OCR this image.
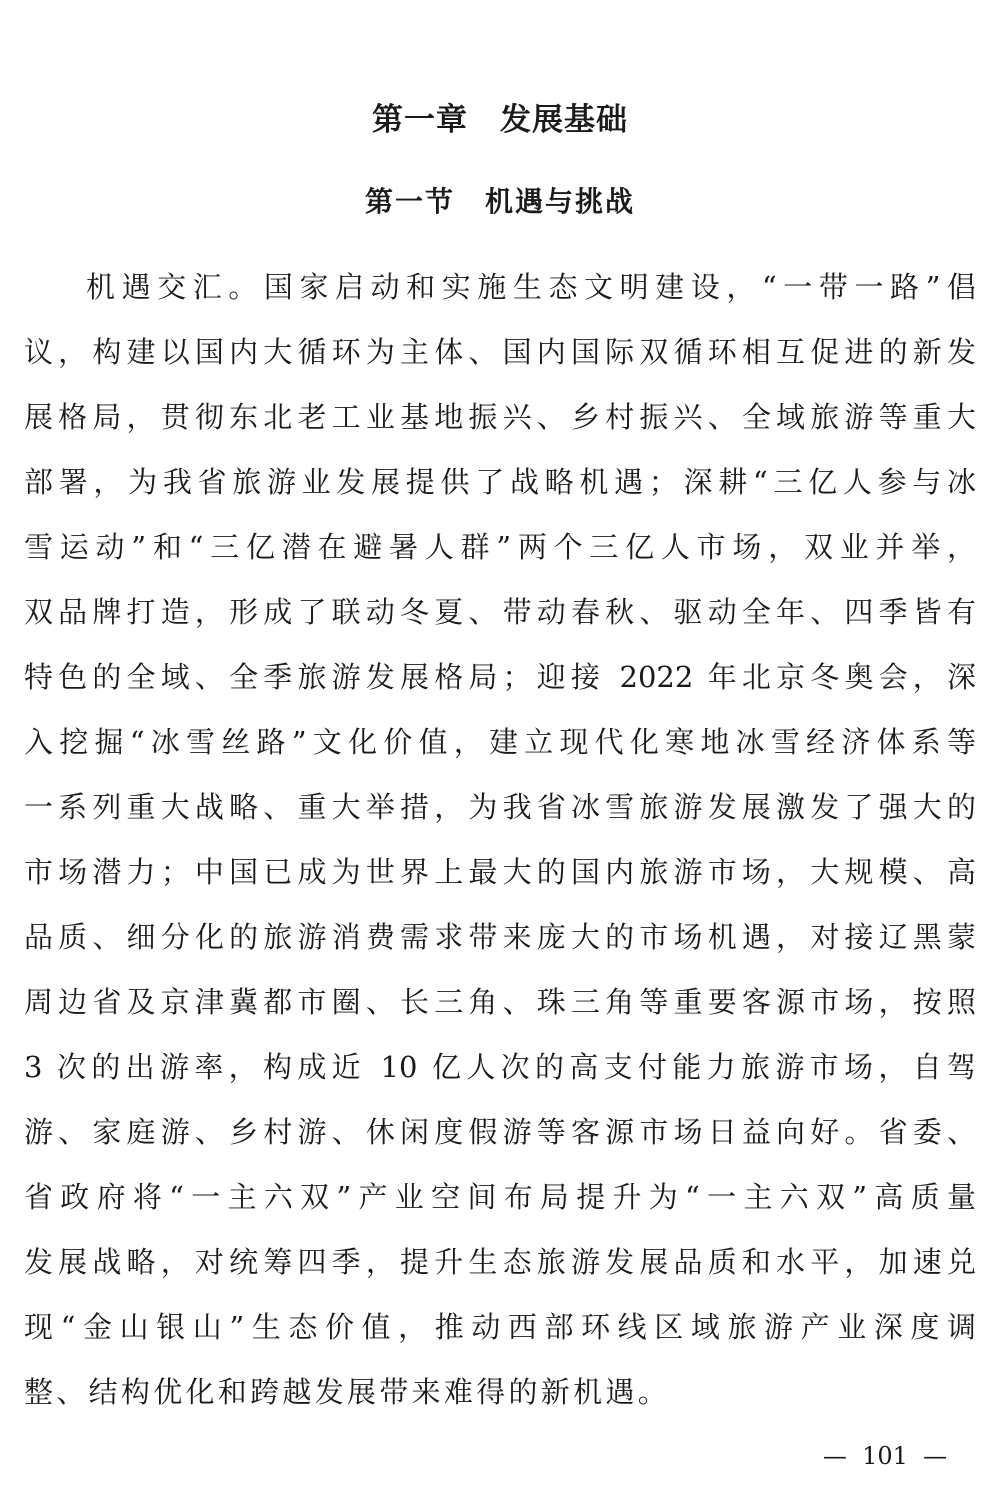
第一章　发展基础
第一节　机遇与挑战
机遇交汇。国家启动和实施生态文明建设，“一带一路”倡
议，构建以国内大循环为主体、国内国际双循环相互促进的新发
展格局，贯彻东北老工业基地振兴、乡村振兴、全域旅游等重大
部署，为我省旅游业发展提供了战略机遇；深耕“三亿人参与冰
雪运动”和“三亿潜在避暑人群”两个三亿人市场，双业并举，
双品牌打造，形成了联动冬夏、带动春秋、驱动全年、四季皆有
特色的全域、全季旅游发展格局；迎接 2022 年北京冬奥会，深
入挖掘“冰雪丝路”文化价值，建立现代化寒地冰雪经济体系等
一系列重大战略、重大举措，为我省冰雪旅游发展激发了强大的
市场潜力；中国已成为世界上最大的国内旅游市场，大规模、高
品质、细分化的旅游消费需求带来庞大的市场机遇，对接辽黑蒙
周边省及京津冀都市圈、长三角、珠三角等重要客源市场，按照
3 次的出游率，构成近 10 亿人次的高支付能力旅游市场，自驾
游、家庭游、乡村游、休闲度假游等客源市场日益向好。省委、
省政府将“一主六双”产业空间布局提升为“一主六双”高质量
发展战略，对统筹四季，提升生态旅游发展品质和水平，加速兑
现“金山银山”生态价值，推动西部环线区域旅游产业深度调
整、结构优化和跨越发展带来难得的新机遇。
—  101  —
